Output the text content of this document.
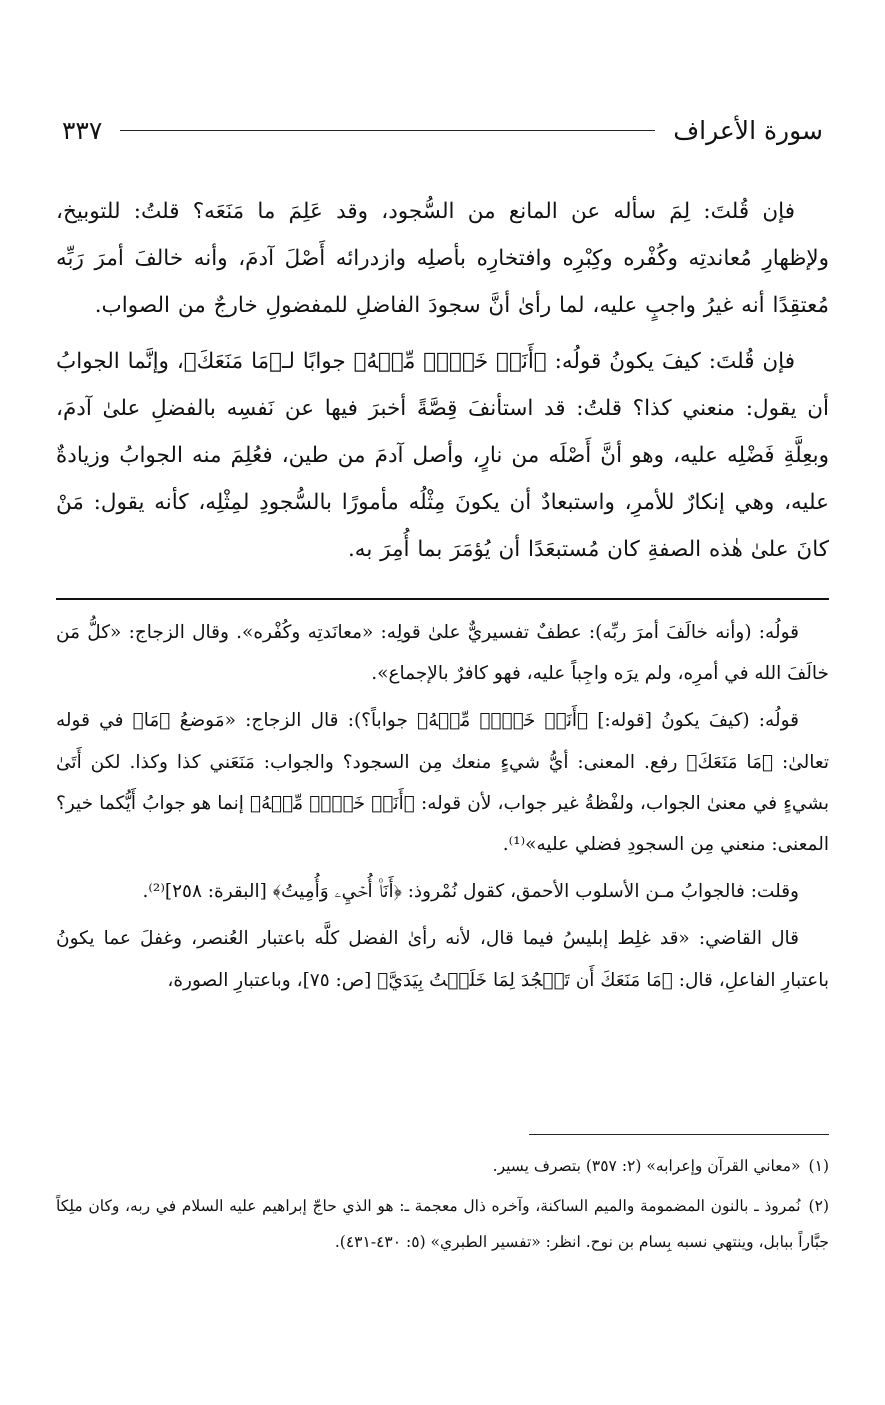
سورة الأعراف
٣٣٧

فإن قُلتَ: لِمَ سأله عن المانع من السُّجود، وقد عَلِمَ ما مَنَعَه؟ قلتُ: للتوبيخ، ولإظهارِ مُعاندتِه وكُفْره وكِبْرِه وافتخارِه بأصلِه وازدرائه أَصْلَ آدمَ، وأنه خالفَ أمرَ رَبِّه مُعتقِدًا أنه غيرُ واجبٍ عليه، لما رأىٰ أنَّ سجودَ الفاضلِ للمفضولِ خارجٌ من الصواب.

فإن قُلتَ: كيفَ يكونُ قولُه: ﴿أَنَا۠ خَيۡرٞ مِّنۡهُ﴾ جوابًا لـ﴿مَا مَنَعَكَ﴾، وإنَّما الجوابُ أن يقول: منعني كذا؟ قلتُ: قد استأنفَ قِصَّةً أخبرَ فيها عن نَفسِه بالفضلِ علىٰ آدمَ، وبعِلَّةِ فَضْلِه عليه، وهو أنَّ أَصْلَه من نارٍ، وأصل آدمَ من طين، فعُلِمَ منه الجوابُ وزيادةٌ عليه، وهي إنكارٌ للأمرِ، واستبعادٌ أن يكونَ مِثْلُه مأمورًا بالسُّجودِ لمِثْلِه، كأنه يقول: مَنْ كانَ علىٰ هٰذه الصفةِ كان مُستبعَدًا أن يُؤمَرَ بما أُمِرَ به.

قولُه: (وأنه خالَفَ أمرَ ربِّه): عطفٌ تفسيريٌّ علىٰ قولِه: «معانَدتِه وكُفْره». وقال الزجاج: «كلُّ مَن خالَفَ الله في أمرِه، ولم يرَه واجِباً عليه، فهو كافرٌ بالإجماع».

قولُه: (كيفَ يكونُ [قوله:] ﴿أَنَا۠ خَيۡرٞ مِّنۡهُ﴾ جواباً؟): قال الزجاج: «مَوضعُ ﴿مَا﴾ في قوله تعالىٰ: ﴿مَا مَنَعَكَ﴾ رفع. المعنى: أيُّ شيءٍ منعك مِن السجود؟ والجواب: مَنَعَني كذا وكذا. لكن أَتَىٰ بشيءٍ في معنىٰ الجواب، ولفْظةُ غير جواب، لأن قوله: ﴿أَنَا۠ خَيۡرٞ مِّنۡهُ﴾ إنما هو جوابُ أَيُّكما خير؟ المعنى: منعني مِن السجودِ فضلي عليه»⁽¹⁾.

وقلت: فالجوابُ مـن الأسلوب الأحمق، كقول نُمْروذ: ﴿أَنَا۠ أُحۡيِۦ وَأُمِيتُ﴾ [البقرة: ٢٥٨]⁽²⁾.

قال القاضي: «قد غلِط إبليسُ فيما قال، لأنه رأىٰ الفضل كلَّه باعتبار العُنصر، وغفلَ عما يكونُ باعتبارِ الفاعلِ، قال: ﴿مَا مَنَعَكَ أَن تَسۡجُدَ لِمَا خَلَقۡتُ بِيَدَيَّ﴾ [ص: ٧٥]، وباعتبارِ الصورة،

(١)«معاني القرآن وإعرابه» (٢: ٣٥٧) بتصرف يسير.

(٢)نُمروذ ـ بالنون المضمومة والميم الساكنة، وآخره ذال معجمة ـ: هو الذي حاجّ إبراهيم عليه السلام في ربه، وكان ملِكاً جبَّاراً ببابل، وينتهي نسبه بِسام بن نوح. انظر: «تفسير الطبري» (٥: ٤٣٠-٤٣١).
